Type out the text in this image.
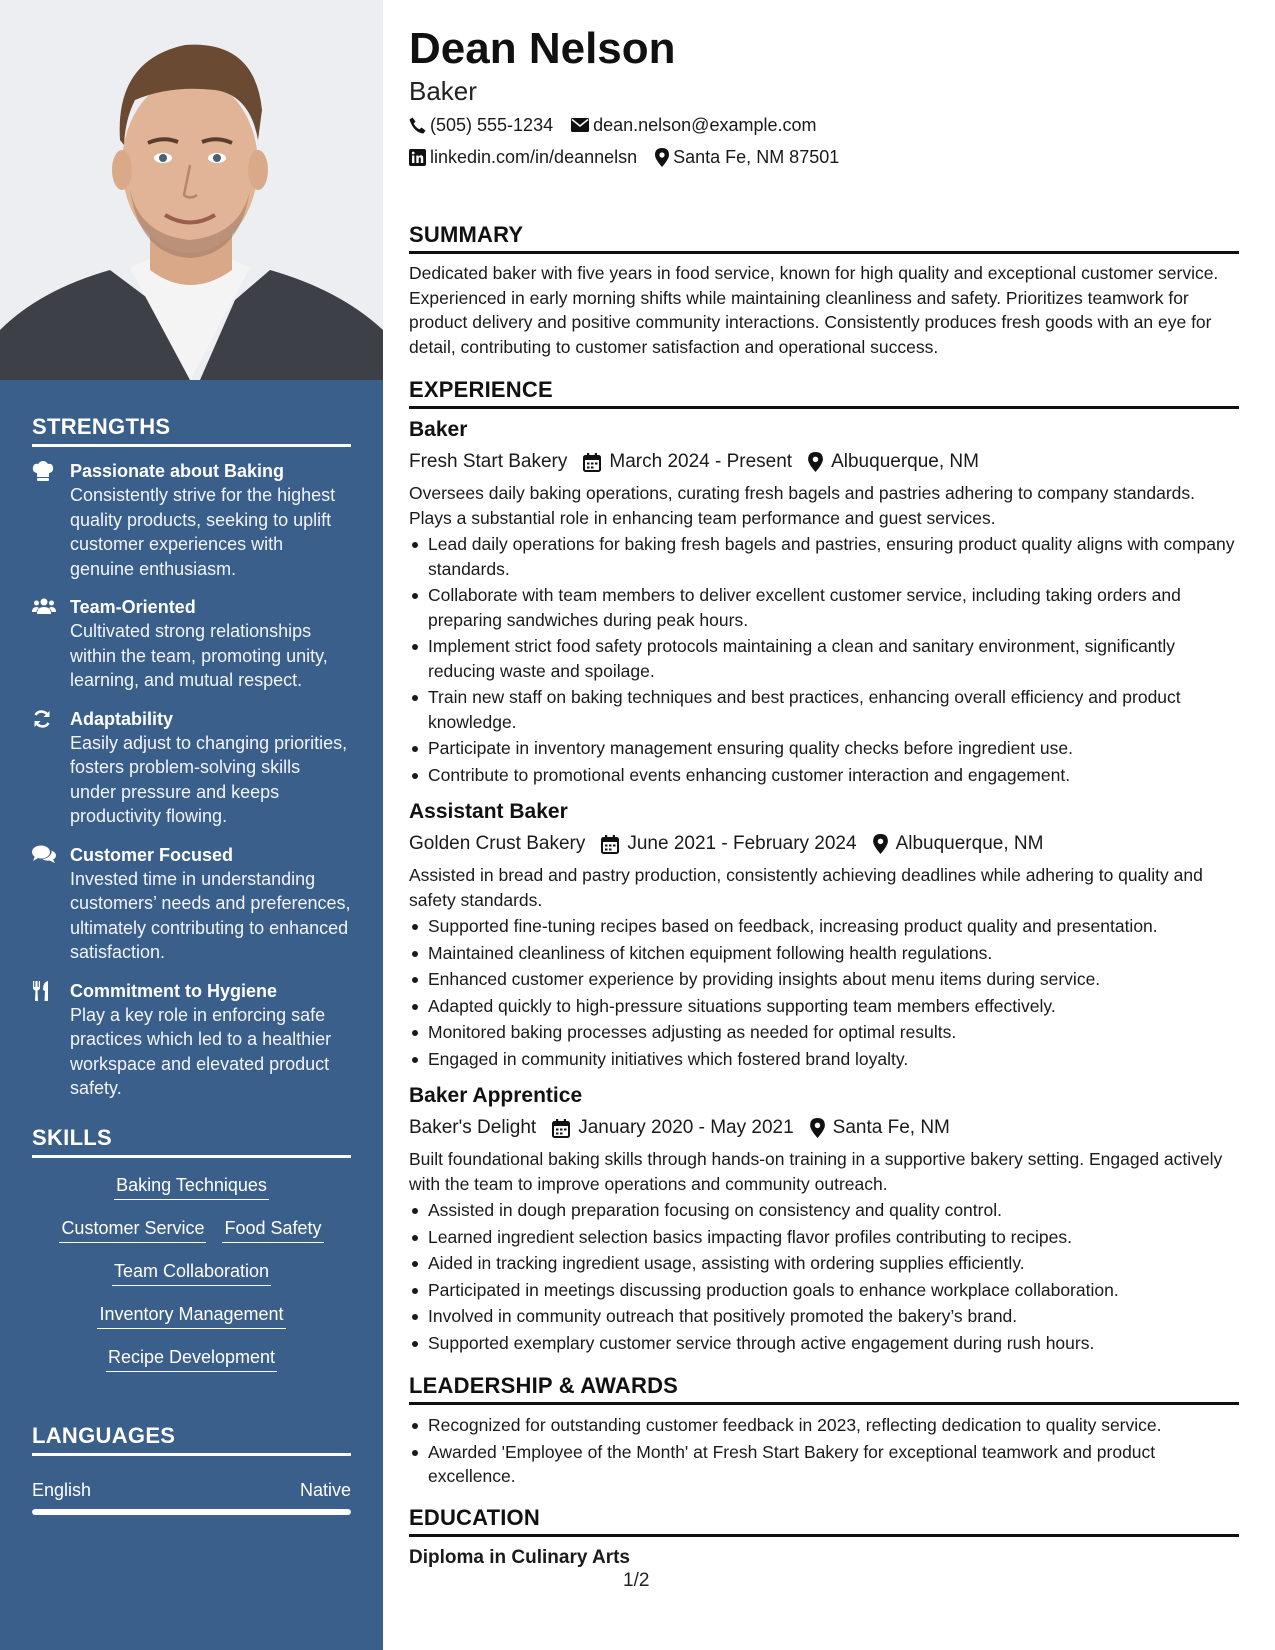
STRENGTHS
Passionate about Baking
Consistently strive for the highest quality products, seeking to uplift customer experiences with genuine enthusiasm.
Team-Oriented
Cultivated strong relationships within the team, promoting unity, learning, and mutual respect.
Adaptability
Easily adjust to changing priorities, fosters problem-solving skills under pressure and keeps productivity flowing.
Customer Focused
Invested time in understanding customers’ needs and preferences, ultimately contributing to enhanced satisfaction.
Commitment to Hygiene
Play a key role in enforcing safe practices which led to a healthier workspace and elevated product safety.
SKILLS
Baking Techniques
Customer Service Food Safety
Team Collaboration
Inventory Management
Recipe Development
LANGUAGES
English	Native
Dean Nelson
Baker
(505) 555-1234 dean.nelson@example.com
linkedin.com/in/deannelsn Santa Fe, NM 87501
SUMMARY

Dedicated baker with five years in food service, known for high quality and exceptional customer service. Experienced in early morning shifts while maintaining cleanliness and safety. Prioritizes teamwork for product delivery and positive community interactions. Consistently produces fresh goods with an eye for detail, contributing to customer satisfaction and operational success.

EXPERIENCE
Baker
Fresh Start Bakery March 2024 - Present Albuquerque, NM

Oversees daily baking operations, curating fresh bagels and pastries adhering to company standards. Plays a substantial role in enhancing team performance and guest services.

Lead daily operations for baking fresh bagels and pastries, ensuring product quality aligns with company standards.
Collaborate with team members to deliver excellent customer service, including taking orders and preparing sandwiches during peak hours.
Implement strict food safety protocols maintaining a clean and sanitary environment, significantly reducing waste and spoilage.
Train new staff on baking techniques and best practices, enhancing overall efficiency and product knowledge.
Participate in inventory management ensuring quality checks before ingredient use.
Contribute to promotional events enhancing customer interaction and engagement.
Assistant Baker
Golden Crust Bakery June 2021 - February 2024 Albuquerque, NM

Assisted in bread and pastry production, consistently achieving deadlines while adhering to quality and safety standards.

Supported fine-tuning recipes based on feedback, increasing product quality and presentation.
Maintained cleanliness of kitchen equipment following health regulations.
Enhanced customer experience by providing insights about menu items during service.
Adapted quickly to high-pressure situations supporting team members effectively.
Monitored baking processes adjusting as needed for optimal results.
Engaged in community initiatives which fostered brand loyalty.
Baker Apprentice
Baker's Delight January 2020 - May 2021 Santa Fe, NM

Built foundational baking skills through hands-on training in a supportive bakery setting. Engaged actively with the team to improve operations and community outreach.

Assisted in dough preparation focusing on consistency and quality control.
Learned ingredient selection basics impacting flavor profiles contributing to recipes.
Aided in tracking ingredient usage, assisting with ordering supplies efficiently.
Participated in meetings discussing production goals to enhance workplace collaboration.
Involved in community outreach that positively promoted the bakery’s brand.
Supported exemplary customer service through active engagement during rush hours.
LEADERSHIP & AWARDS
Recognized for outstanding customer feedback in 2023, reflecting dedication to quality service.
Awarded 'Employee of the Month' at Fresh Start Bakery for exceptional teamwork and product excellence.
EDUCATION
Diploma in Culinary Arts
1/2
